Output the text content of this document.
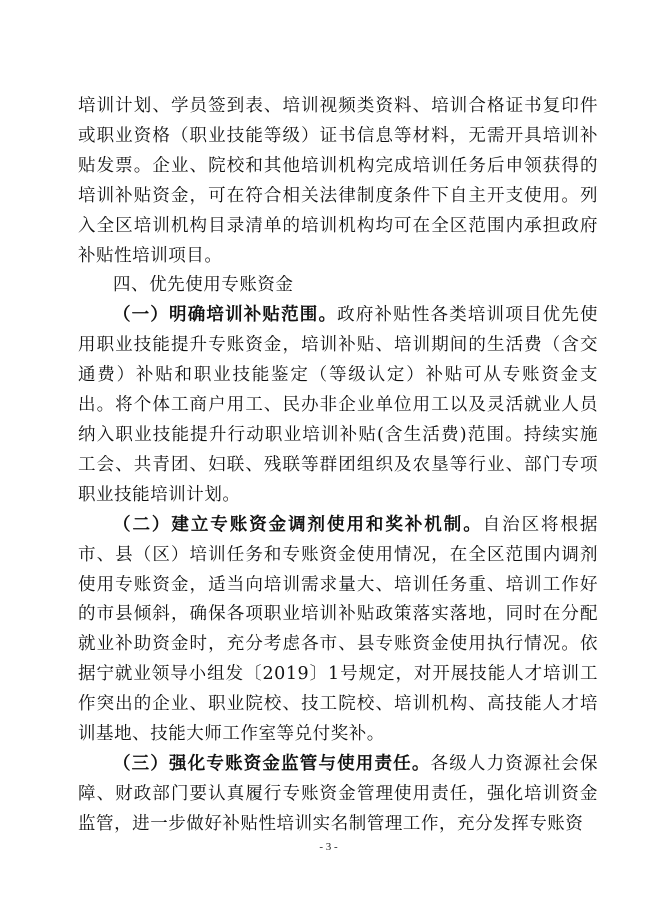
培训计划、学员签到表、培训视频类资料、培训合格证书复印件或职业资格（职业技能等级）证书信息等材料，无需开具培训补贴发票。企业、院校和其他培训机构完成培训任务后申领获得的培训补贴资金，可在符合相关法律制度条件下自主开支使用。列入全区培训机构目录清单的培训机构均可在全区范围内承担政府补贴性培训项目。

四、优先使用专账资金

（一）明确培训补贴范围。政府补贴性各类培训项目优先使用职业技能提升专账资金，培训补贴、培训期间的生活费（含交通费）补贴和职业技能鉴定（等级认定）补贴可从专账资金支出。将个体工商户用工、民办非企业单位用工以及灵活就业人员纳入职业技能提升行动职业培训补贴(含生活费)范围。持续实施工会、共青团、妇联、残联等群团组织及农垦等行业、部门专项职业技能培训计划。

（二）建立专账资金调剂使用和奖补机制。自治区将根据市、县（区）培训任务和专账资金使用情况，在全区范围内调剂使用专账资金，适当向培训需求量大、培训任务重、培训工作好的市县倾斜，确保各项职业培训补贴政策落实落地，同时在分配就业补助资金时，充分考虑各市、县专账资金使用执行情况。依据宁就业领导小组发〔2019〕1号规定，对开展技能人才培训工作突出的企业、职业院校、技工院校、培训机构、高技能人才培训基地、技能大师工作室等兑付奖补。

（三）强化专账资金监管与使用责任。各级人力资源社会保障、财政部门要认真履行专账资金管理使用责任，强化培训资金监管，进一步做好补贴性培训实名制管理工作，充分发挥专账资

- 3 -
